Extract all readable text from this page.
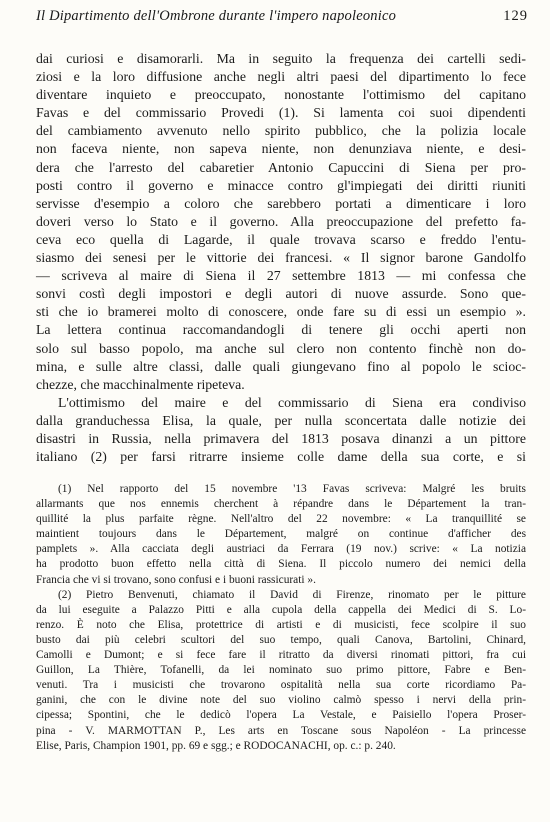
Il Dipartimento dell'Ombrone durante l'impero napoleonico	129
dai curiosi e disamorarli. Ma in seguito la frequenza dei cartelli sedi-
ziosi e la loro diffusione anche negli altri paesi del dipartimento lo fece
diventare inquieto e preoccupato, nonostante l'ottimismo del capitano
Favas e del commissario Provedi (1). Si lamenta coi suoi dipendenti
del cambiamento avvenuto nello spirito pubblico, che la polizia locale
non faceva niente, non sapeva niente, non denunziava niente, e desi-
dera che l'arresto del cabaretier Antonio Capuccini di Siena per pro-
posti contro il governo e minacce contro gl'impiegati dei diritti riuniti
servisse d'esempio a coloro che sarebbero portati a dimenticare i loro
doveri verso lo Stato e il governo. Alla preoccupazione del prefetto fa-
ceva eco quella di Lagarde, il quale trovava scarso e freddo l'entu-
siasmo dei senesi per le vittorie dei francesi. « Il signor barone Gandolfo
— scriveva al maire di Siena il 27 settembre 1813 — mi confessa che
sonvi costì degli impostori e degli autori di nuove assurde. Sono que-
sti che io bramerei molto di conoscere, onde fare su di essi un esempio ».
La lettera continua raccomandandogli di tenere gli occhi aperti non
solo sul basso popolo, ma anche sul clero non contento finchè non do-
mina, e sulle altre classi, dalle quali giungevano fino al popolo le scioc-
chezze, che macchinalmente ripeteva.
L'ottimismo del maire e del commissario di Siena era condiviso
dalla granduchessa Elisa, la quale, per nulla sconcertata dalle notizie dei
disastri in Russia, nella primavera del 1813 posava dinanzi a un pittore
italiano (2) per farsi ritrarre insieme colle dame della sua corte, e si
(1) Nel rapporto del 15 novembre '13 Favas scriveva: Malgré les bruits
allarmants que nos ennemis cherchent à répandre dans le Département la tran-
quillité la plus parfaite règne. Nell'altro del 22 novembre: « La tranquillité se
maintient toujours dans le Département, malgré on continue d'afficher des
pamplets ». Alla cacciata degli austriaci da Ferrara (19 nov.) scrive: « La notizia
ha prodotto buon effetto nella città di Siena. Il piccolo numero dei nemici della
Francia che vi si trovano, sono confusi e i buoni rassicurati ».
(2) Pietro Benvenuti, chiamato il David di Firenze, rinomato per le pitture
da lui eseguite a Palazzo Pitti e alla cupola della cappella dei Medici di S. Lo-
renzo. È noto che Elisa, protettrice di artisti e di musicisti, fece scolpire il suo
busto dai più celebri scultori del suo tempo, quali Canova, Bartolini, Chinard,
Camolli e Dumont; e si fece fare il ritratto da diversi rinomati pittori, fra cui
Guillon, La Thière, Tofanelli, da lei nominato suo primo pittore, Fabre e Ben-
venuti. Tra i musicisti che trovarono ospitalità nella sua corte ricordiamo Pa-
ganini, che con le divine note del suo violino calmò spesso i nervi della prin-
cipessa; Spontini, che le dedicò l'opera La Vestale, e Paisiello l'opera Proser-
pina - V. MARMOTTAN P., Les arts en Toscane sous Napoléon - La princesse
Elise, Paris, Champion 1901, pp. 69 e sgg.; e RODOCANACHI, op. c.: p. 240.
